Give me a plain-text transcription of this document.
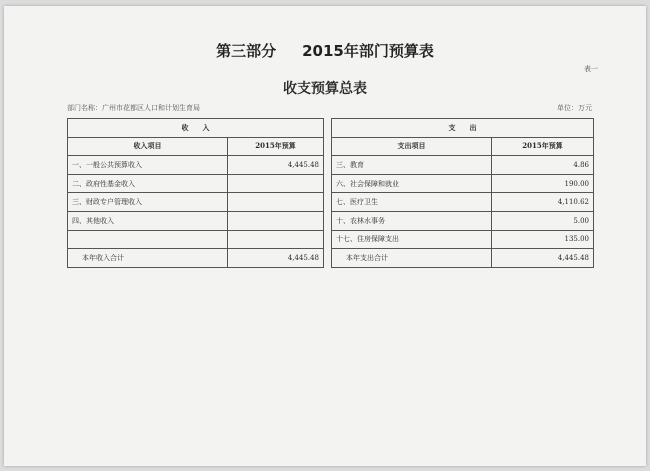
第三部分 2015年部门预算表
表一
收支预算总表
部门名称：广州市花都区人口和计划生育局	单位：万元
收　　入			支　　出	
收入项目	2015年预算		支出项目	2015年预算
一、一般公共预算收入	4,445.48		三、教育	4.86
二、政府性基金收入			六、社会保障和就业	190.00
三、财政专户管理收入			七、医疗卫生	4,110.62
四、其他收入			十、农林水事务	5.00
			十七、住房保障支出	135.00
本年收入合计	4,445.48		本年支出合计	4,445.48
